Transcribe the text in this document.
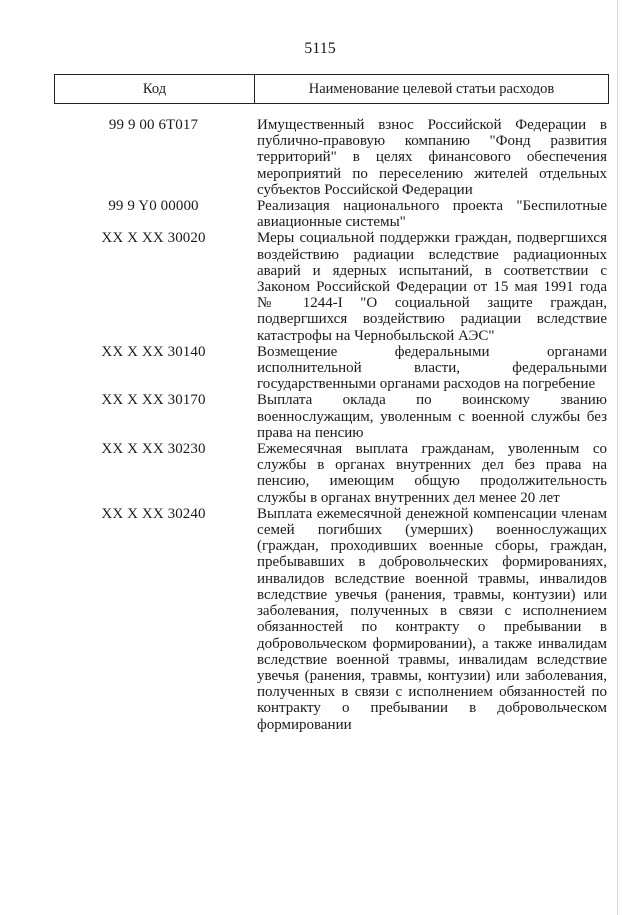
5115
Код	Наименование целевой статьи расходов
99 9 00 6Т017	Имущественный взнос Российской Федерации в публично-правовую компанию "Фонд развития территорий" в целях финансового обеспечения мероприятий по переселению жителей отдельных субъектов Российской Федерации
99 9 Y0 00000	Реализация национального проекта "Беспилотные авиационные системы"
ХХ Х ХХ 30020	Меры социальной поддержки граждан, подвергшихся воздействию радиации вследствие радиационных аварий и ядерных испытаний, в соответствии с Законом Российской Федерации от 15 мая 1991 года № 1244-I "О социальной защите граждан, подвергшихся воздействию радиации вследствие катастрофы на Чернобыльской АЭС"
ХХ Х ХХ 30140	Возмещение федеральными органами исполнительной власти, федеральными государственными органами расходов на погребение
ХХ Х ХХ 30170	Выплата оклада по воинскому званию военнослужащим, уволенным с военной службы без права на пенсию
ХХ Х ХХ 30230	Ежемесячная выплата гражданам, уволенным со службы в органах внутренних дел без права на пенсию, имеющим общую продолжительность службы в органах внутренних дел менее 20 лет
ХХ Х ХХ 30240	Выплата ежемесячной денежной компенсации членам семей погибших (умерших) военнослужащих (граждан, проходивших военные сборы, граждан, пребывавших в добровольческих формированиях, инвалидов вследствие военной травмы, инвалидов вследствие увечья (ранения, травмы, контузии) или заболевания, полученных в связи с исполнением обязанностей по контракту о пребывании в добровольческом формировании), а также инвалидам вследствие военной травмы, инвалидам вследствие увечья (ранения, травмы, контузии) или заболевания, полученных в связи с исполнением обязанностей по контракту о пребывании в добровольческом формировании
